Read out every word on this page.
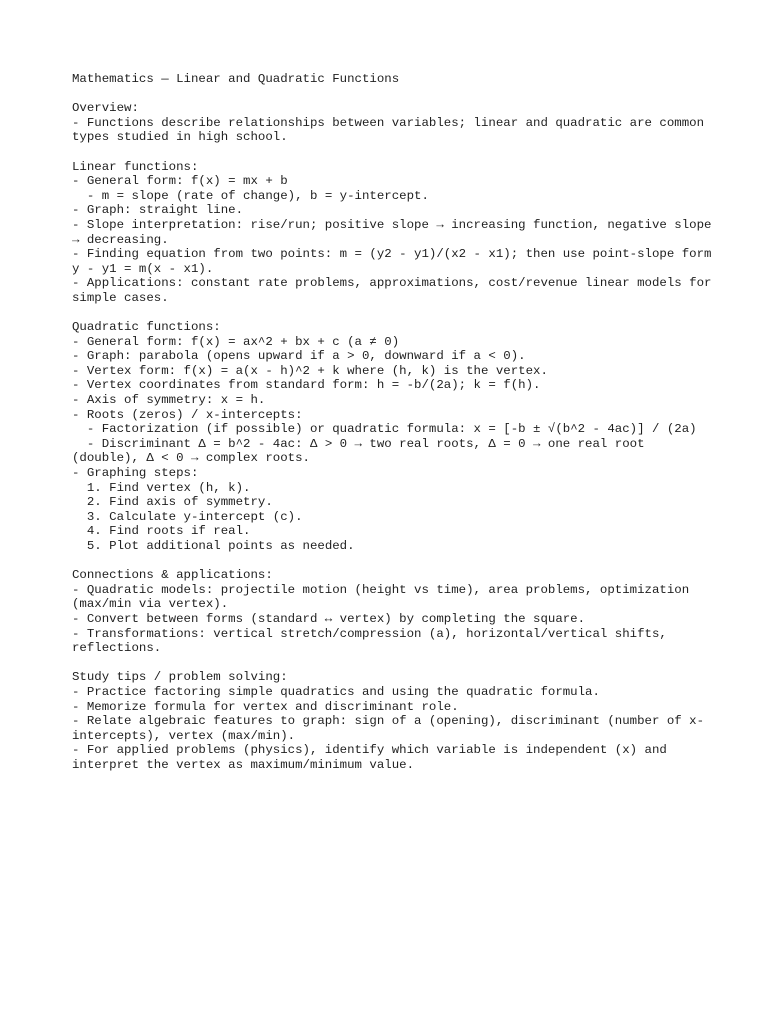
Mathematics — Linear and Quadratic Functions
Overview:
- Functions describe relationships between variables; linear and quadratic are common types studied in high school.
Linear functions:
- General form: f(x) = mx + b
- m = slope (rate of change), b = y-intercept.
- Graph: straight line.
- Slope interpretation: rise/run; positive slope → increasing function, negative slope → decreasing.
- Finding equation from two points: m = (y2 - y1)/(x2 - x1); then use point-slope form y - y1 = m(x - x1).
- Applications: constant rate problems, approximations, cost/revenue linear models for simple cases.
Quadratic functions:
- General form: f(x) = ax^2 + bx + c (a ≠ 0)
- Graph: parabola (opens upward if a > 0, downward if a < 0).
- Vertex form: f(x) = a(x - h)^2 + k where (h, k) is the vertex.
- Vertex coordinates from standard form: h = -b/(2a); k = f(h).
- Axis of symmetry: x = h.
- Roots (zeros) / x-intercepts:
- Factorization (if possible) or quadratic formula: x = [-b ± √(b^2 - 4ac)] / (2a)
- Discriminant Δ = b^2 - 4ac: Δ > 0 → two real roots, Δ = 0 → one real root (double), Δ < 0 → complex roots.
- Graphing steps:
1. Find vertex (h, k).
2. Find axis of symmetry.
3. Calculate y-intercept (c).
4. Find roots if real.
5. Plot additional points as needed.
Connections & applications:
- Quadratic models: projectile motion (height vs time), area problems, optimization (max/min via vertex).
- Convert between forms (standard ↔ vertex) by completing the square.
- Transformations: vertical stretch/compression (a), horizontal/vertical shifts, reflections.
Study tips / problem solving:
- Practice factoring simple quadratics and using the quadratic formula.
- Memorize formula for vertex and discriminant role.
- Relate algebraic features to graph: sign of a (opening), discriminant (number of x-intercepts), vertex (max/min).
- For applied problems (physics), identify which variable is independent (x) and interpret the vertex as maximum/minimum value.
